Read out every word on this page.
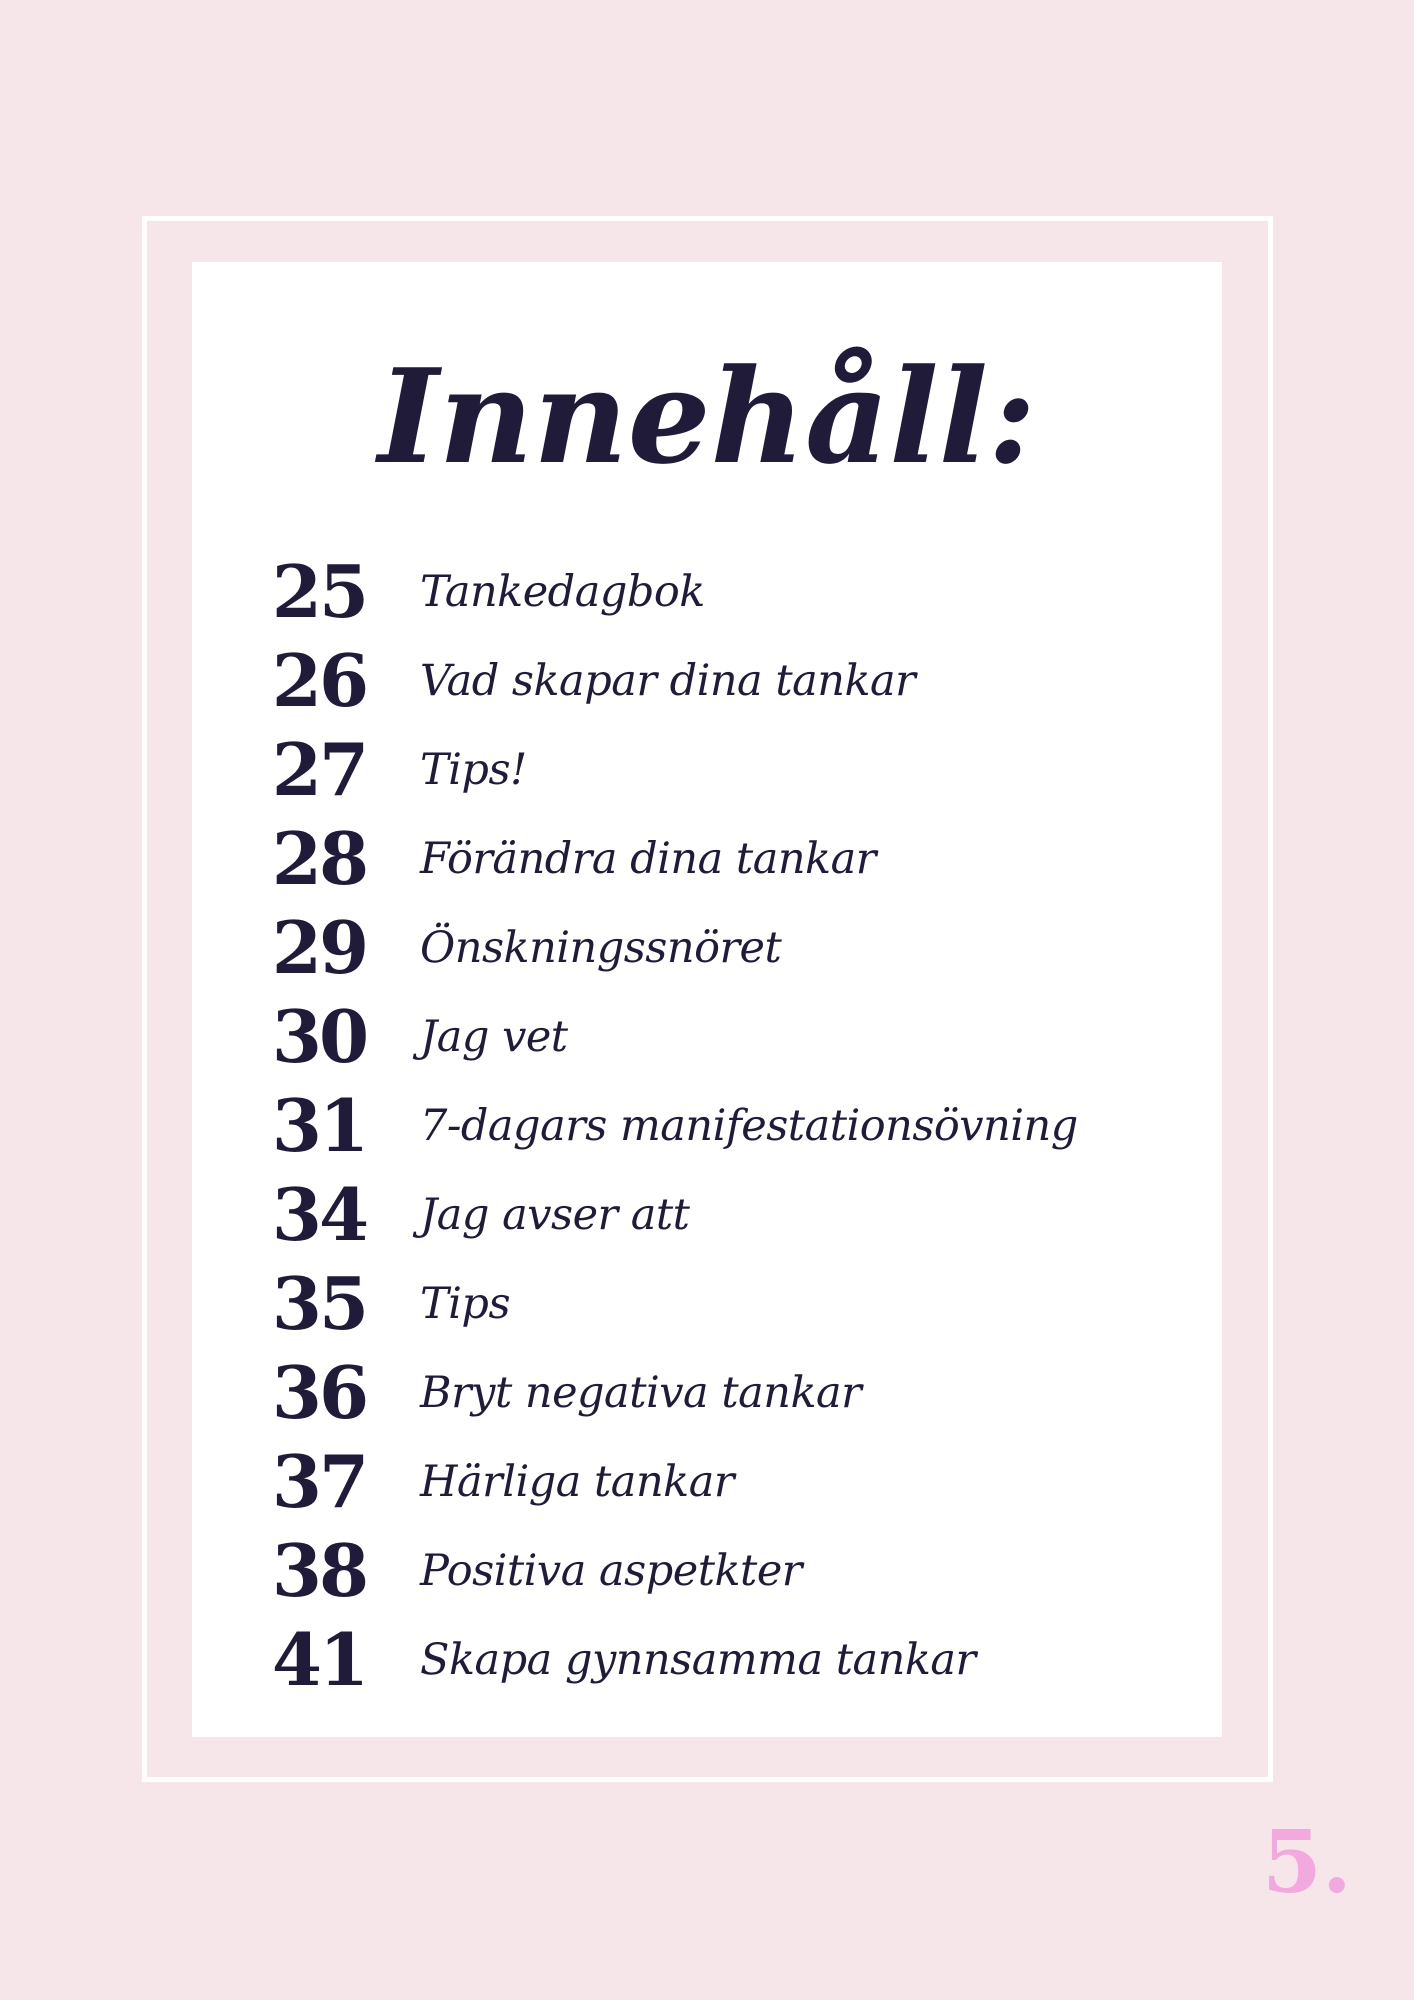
Innehåll:
25 Tankedagbok
26 Vad skapar dina tankar
27 Tips!
28 Förändra dina tankar
29 Önskningssnöret
30 Jag vet
31 7-dagars manifestationsövning
34 Jag avser att
35 Tips
36 Bryt negativa tankar
37 Härliga tankar
38 Positiva aspetkter
41 Skapa gynnsamma tankar
5.
